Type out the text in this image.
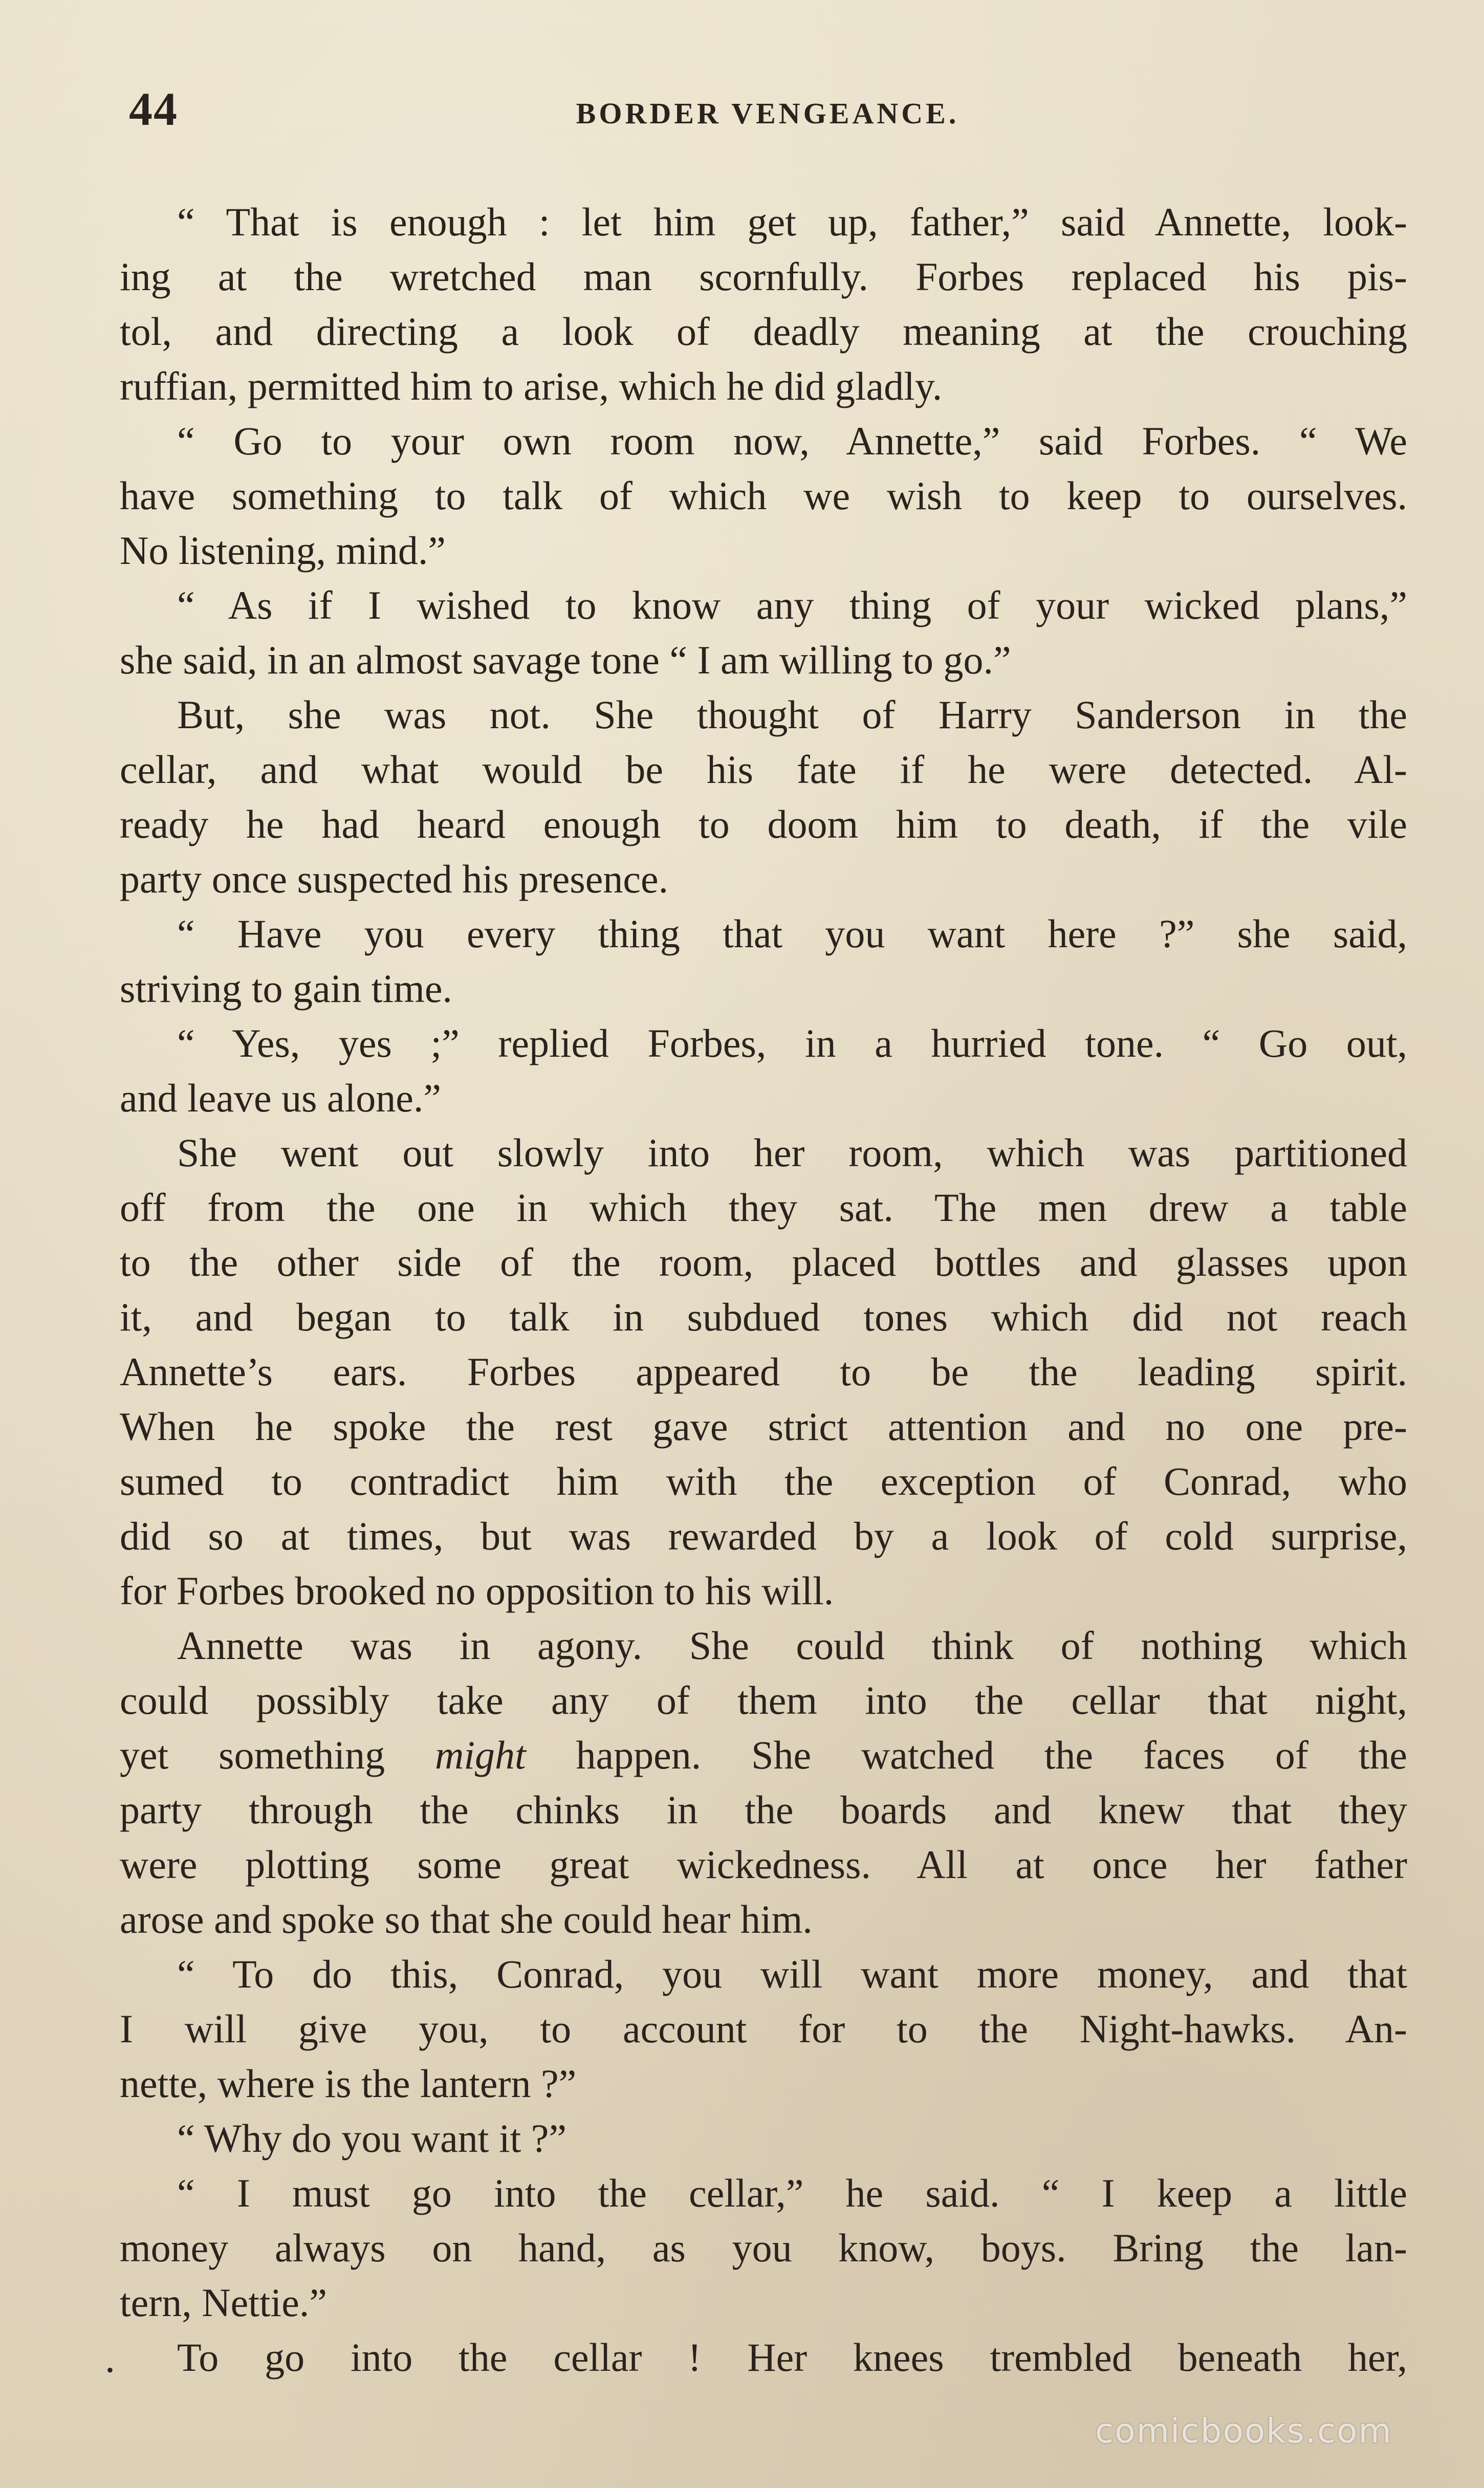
44	BORDER VENGEANCE.
“ That is enough : let him get up, father,” said Annette, look-
ing at the wretched man scornfully. Forbes replaced his pis-
tol, and directing a look of deadly meaning at the crouching
ruffian, permitted him to arise, which he did gladly.
“ Go to your own room now, Annette,” said Forbes. “ We
have something to talk of which we wish to keep to ourselves.
No listening, mind.”
“ As if I wished to know any thing of your wicked plans,”
she said, in an almost savage tone “ I am willing to go.”
But, she was not. She thought of Harry Sanderson in the
cellar, and what would be his fate if he were detected. Al-
ready he had heard enough to doom him to death, if the vile
party once suspected his presence.
“ Have you every thing that you want here ?” she said,
striving to gain time.
“ Yes, yes ;” replied Forbes, in a hurried tone. “ Go out,
and leave us alone.”
She went out slowly into her room, which was partitioned
off from the one in which they sat. The men drew a table
to the other side of the room, placed bottles and glasses upon
it, and began to talk in subdued tones which did not reach
Annette’s ears. Forbes appeared to be the leading spirit.
When he spoke the rest gave strict attention and no one pre-
sumed to contradict him with the exception of Conrad, who
did so at times, but was rewarded by a look of cold surprise,
for Forbes brooked no opposition to his will.
Annette was in agony. She could think of nothing which
could possibly take any of them into the cellar that night,
yet something might happen. She watched the faces of the
party through the chinks in the boards and knew that they
were plotting some great wickedness. All at once her father
arose and spoke so that she could hear him.
“ To do this, Conrad, you will want more money, and that
I will give you, to account for to the Night-hawks. An-
nette, where is the lantern ?”
“ Why do you want it ?”
“ I must go into the cellar,” he said. “ I keep a little
money always on hand, as you know, boys. Bring the lan-
tern, Nettie.”
To go into the cellar ! Her knees trembled beneath her,
•
comicbooks.com
